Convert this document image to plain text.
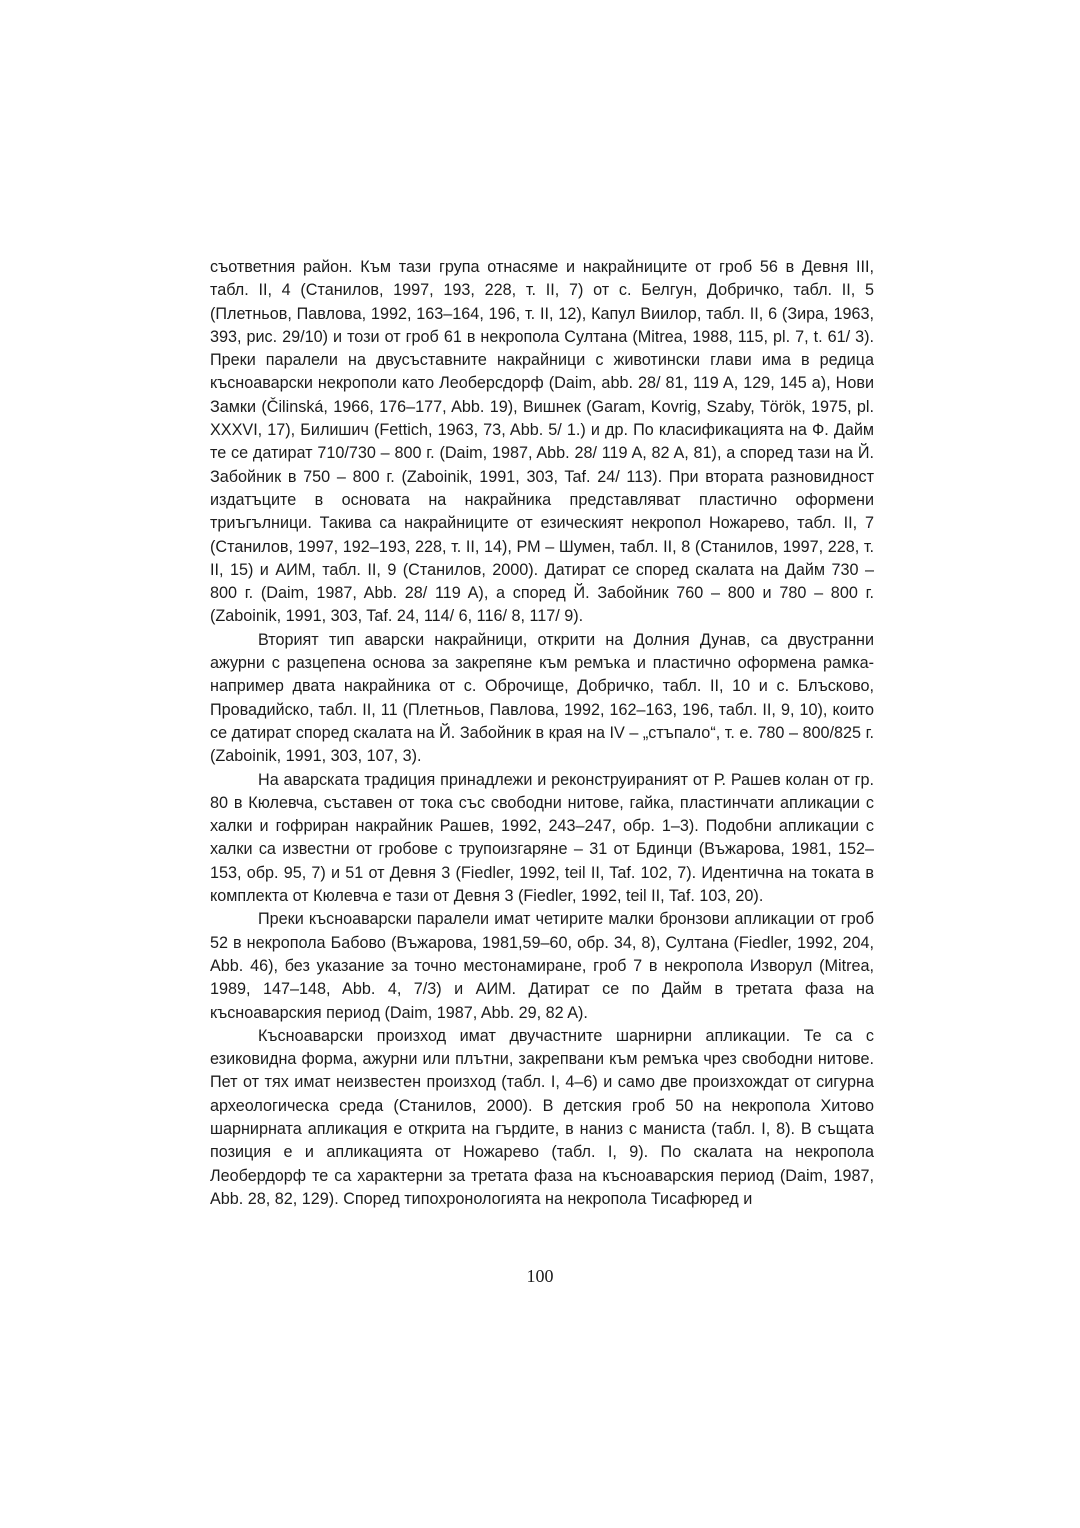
съответния район. Към тази група отнасяме и накрайниците от гроб 56 в Девня III, табл. II, 4 (Станилов, 1997, 193, 228, т. II, 7) от с. Белгун, Добричко, табл. II, 5 (Плетньов, Павлова, 1992, 163–164, 196, т. II, 12), Капул Виилор, табл. II, 6 (Зира, 1963, 393, рис. 29/10) и този от гроб 61 в некропола Султана (Mitrea, 1988, 115, pl. 7, t. 61/ 3). Преки паралели на двусъставните накрайници с животински глави има в редица късноаварски некрополи като Леоберсдорф (Daim, abb. 28/ 81, 119 A, 129, 145 a), Нови Замки (Čilinská, 1966, 176–177, Abb. 19), Вишнек (Garam, Kovrig, Szaby, Török, 1975, pl. XXXVI, 17), Билишич (Fettich, 1963, 73, Abb. 5/ 1.) и др. По класификацията на Ф. Дайм те се датират 710/730 – 800 г. (Daim, 1987, Abb. 28/ 119 A, 82 A, 81), а според тази на Й. Забойник в 750 – 800 г. (Zaboinik, 1991, 303, Taf. 24/ 113). При втората разновидност издатъците в основата на накрайника представляват пластично оформени триъгълници. Такива са накрайниците от езическият некропол Ножарево, табл. II, 7 (Станилов, 1997, 192–193, 228, т. II, 14), РМ – Шумен, табл. II, 8 (Станилов, 1997, 228, т. II, 15) и АИМ, табл. II, 9 (Станилов, 2000). Датират се според скалата на Дайм 730 – 800 г. (Daim, 1987, Abb. 28/ 119 A), а според Й. Забойник 760 – 800 и 780 – 800 г. (Zaboinik, 1991, 303, Taf. 24, 114/ 6, 116/ 8, 117/ 9).

Вторият тип аварски накрайници, открити на Долния Дунав, са двустранни ажурни с разцепена основа за закрепяне към ремъка и пластично оформена рамка-например двата накрайника от с. Оброчище, Добричко, табл. II, 10 и с. Блъсково, Провадийско, табл. II, 11 (Плетньов, Павлова, 1992, 162–163, 196, табл. II, 9, 10), които се датират според скалата на Й. Забойник в края на IV – „стъпало“, т. е. 780 – 800/825 г. (Zaboinik, 1991, 303, 107, 3).

На аварската традиция принадлежи и реконструираният от Р. Рашев колан от гр. 80 в Кюлевча, съставен от тока със свободни нитове, гайка, пластинчати апликации с халки и гофриран накрайник Рашев, 1992, 243–247, обр. 1–3). Подобни апликации с халки са известни от гробове с трупоизгаряне – 31 от Бдинци (Въжарова, 1981, 152–153, обр. 95, 7) и 51 от Девня 3 (Fiedler, 1992, teil II, Taf. 102, 7). Идентична на токата в комплекта от Кюлевча е тази от Девня 3 (Fiedler, 1992, teil II, Taf. 103, 20).

Преки късноаварски паралели имат четирите малки бронзови апликации от гроб 52 в некропола Бабово (Въжарова, 1981,59–60, обр. 34, 8), Султана (Fiedler, 1992, 204, Abb. 46), без указание за точно местонамиране, гроб 7 в некропола Изворул (Mitrea, 1989, 147–148, Abb. 4, 7/3) и АИМ. Датират се по Дайм в третата фаза на късноаварския период (Daim, 1987, Abb. 29, 82 A).

Късноаварски произход имат двучастните шарнирни апликации. Те са с езиковидна форма, ажурни или плътни, закрепвани към ремъка чрез свободни нитове. Пет от тях имат неизвестен произход (табл. I, 4–6) и само две произхождат от сигурна археологическа среда (Станилов, 2000). В детския гроб 50 на некропола Хитово шарнирната апликация е открита на гърдите, в наниз с маниста (табл. I, 8). В същата позиция е и апликацията от Ножарево (табл. I, 9). По скалата на некропола Леобердорф те са характерни за третата фаза на късноаварския период (Daim, 1987, Abb. 28, 82, 129). Според типохронологията на некропола Тисафюред и

100
